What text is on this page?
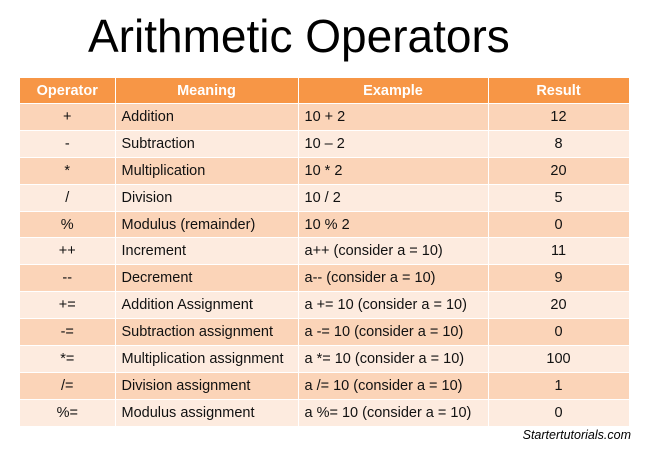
Arithmetic Operators
Operator	Meaning	Example	Result
+	Addition	10 + 2	12
-	Subtraction	10 – 2	8
*	Multiplication	10 * 2	20
/	Division	10 / 2	5
%	Modulus (remainder)	10 % 2	0
++	Increment	a++ (consider a = 10)	11
--	Decrement	a-- (consider a = 10)	9
+=	Addition Assignment	a += 10 (consider a = 10)	20
-=	Subtraction assignment	a -= 10 (consider a = 10)	0
*=	Multiplication assignment	a *= 10 (consider a = 10)	100
/=	Division assignment	a /= 10 (consider a = 10)	1
%=	Modulus assignment	a %= 10 (consider a = 10)	0
Startertutorials.com
